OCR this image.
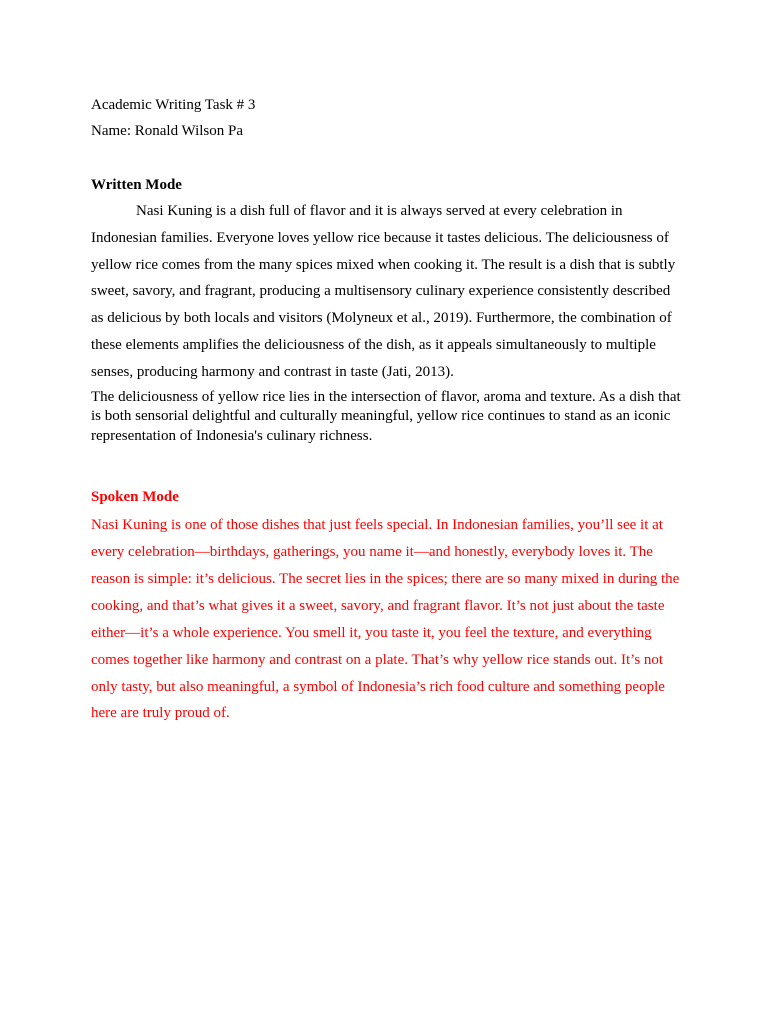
Academic Writing Task # 3

Name: Ronald Wilson Pa

Written Mode

Nasi Kuning is a dish full of flavor and it is always served at every celebration in Indonesian families. Everyone loves yellow rice because it tastes delicious. The deliciousness of yellow rice comes from the many spices mixed when cooking it. The result is a dish that is subtly sweet, savory, and fragrant, producing a multisensory culinary experience consistently described as delicious by both locals and visitors (Molyneux et al., 2019). Furthermore, the combination of these elements amplifies the deliciousness of the dish, as it appeals simultaneously to multiple senses, producing harmony and contrast in taste (Jati, 2013).

The deliciousness of yellow rice lies in the intersection of flavor, aroma and texture. As a dish that is both sensorial delightful and culturally meaningful, yellow rice continues to stand as an iconic representation of Indonesia's culinary richness.

Spoken Mode

Nasi Kuning is one of those dishes that just feels special. In Indonesian families, you’ll see it at every celebration—birthdays, gatherings, you name it—and honestly, everybody loves it. The reason is simple: it’s delicious. The secret lies in the spices; there are so many mixed in during the cooking, and that’s what gives it a sweet, savory, and fragrant flavor. It’s not just about the taste either—it’s a whole experience. You smell it, you taste it, you feel the texture, and everything comes together like harmony and contrast on a plate. That’s why yellow rice stands out. It’s not only tasty, but also meaningful, a symbol of Indonesia’s rich food culture and something people here are truly proud of.
